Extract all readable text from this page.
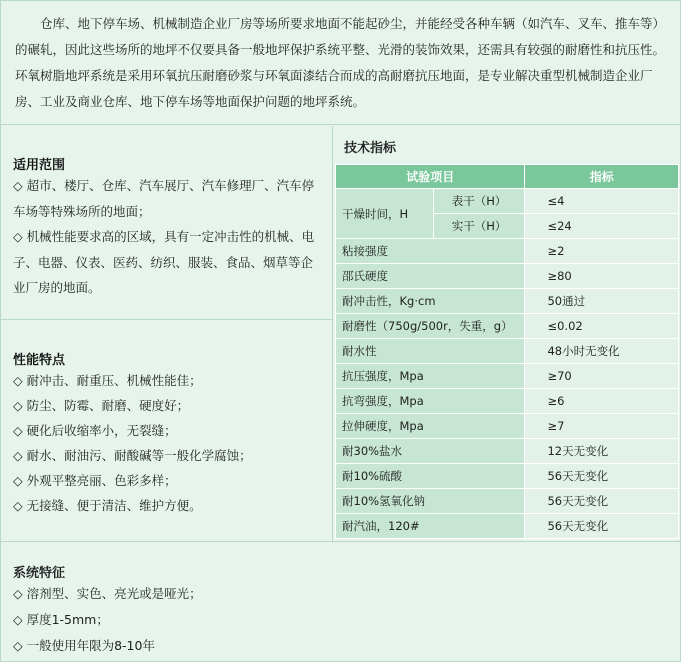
仓库、地下停车场、机械制造企业厂房等场所要求地面不能起砂尘，并能经受各种车辆（如汽车、叉车、推车等）的碾轧，因此这些场所的地坪不仅要具备一般地坪保护系统平整、光滑的装饰效果，还需具有较强的耐磨性和抗压性。环氧树脂地坪系统是采用环氧抗压耐磨砂浆与环氧面漆结合而成的高耐磨抗压地面，是专业解决重型机械制造企业厂房、工业及商业仓库、地下停车场等地面保护问题的地坪系统。

适用范围
◇ 超市、楼厅、仓库、汽车展厅、汽车修理厂、汽车停车场等特殊场所的地面；
◇ 机械性能要求高的区域，具有一定冲击性的机械、电子、电器、仪表、医药、纺织、服装、食品、烟草等企业厂房的地面。
性能特点
◇ 耐冲击、耐重压、机械性能佳；
◇ 防尘、防霉、耐磨、硬度好；
◇ 硬化后收缩率小，无裂缝；
◇ 耐水、耐油污、耐酸碱等一般化学腐蚀；
◇ 外观平整亮丽、色彩多样；
◇ 无接缝、便于清洁、维护方便。
技术指标
试验项目		指标
干燥时间，H	表干（H）	≤4
	实干（H）	≤24
粘接强度		≥2
邵氏硬度		≥80
耐冲击性，Kg·cm		50通过
耐磨性（750g/500r，失重，g）		≤0.02
耐水性		48小时无变化
抗压强度，Mpa		≥70
抗弯强度，Mpa		≥6
拉伸硬度，Mpa		≥7
耐30%盐水		12天无变化
耐10%硫酸		56天无变化
耐10%氢氧化钠		56天无变化
耐汽油，120#		56天无变化
系统特征
◇ 溶剂型、实色、亮光或是哑光；
◇ 厚度1-5mm；
◇ 一般使用年限为8-10年
